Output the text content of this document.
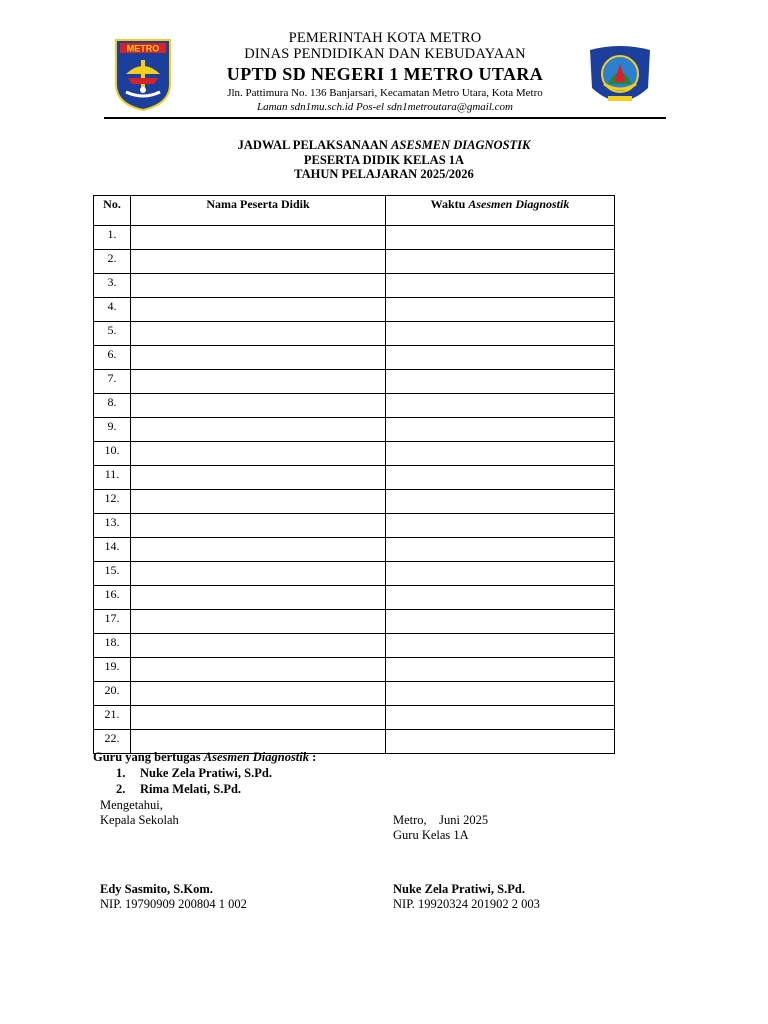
METRO
PEMERINTAH KOTA METRO
DINAS PENDIDIKAN DAN KEBUDAYAAN
UPTD SD NEGERI 1 METRO UTARA
Jln. Pattimura No. 136 Banjarsari, Kecamatan Metro Utara, Kota Metro
Laman sdn1mu.sch.id Pos-el sdn1metroutara@gmail.com
JADWAL PELAKSANAAN ASESMEN DIAGNOSTIK
PESERTA DIDIK KELAS 1A
TAHUN PELAJARAN 2025/2026
No.	Nama Peserta Didik	Waktu Asesmen Diagnostik
1.		
2.		
3.		
4.		
5.		
6.		
7.		
8.		
9.		
10.		
11.		
12.		
13.		
14.		
15.		
16.		
17.		
18.		
19.		
20.		
21.		
22.		
Guru yang bertugas Asesmen Diagnostik :
1. Nuke Zela Pratiwi, S.Pd.
2. Rima Melati, S.Pd.
Mengetahui,
Kepala Sekolah
Edy Sasmito, S.Kom.
NIP. 19790909 200804 1 002
Metro,    Juni 2025
Guru Kelas 1A
Nuke Zela Pratiwi, S.Pd.
NIP. 19920324 201902 2 003
